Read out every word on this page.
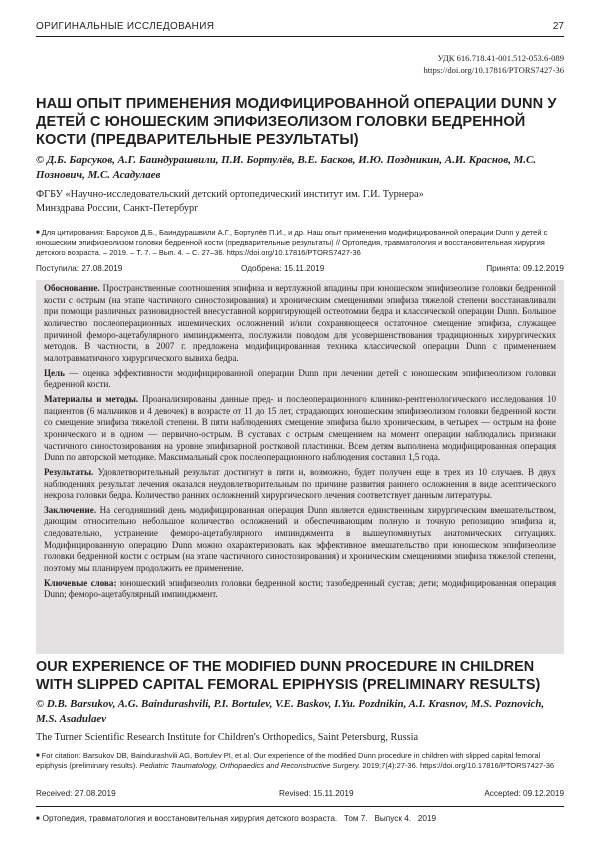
ОРИГИНАЛЬНЫЕ ИССЛЕДОВАНИЯ	27
УДК 616.718.41-001.512-053.6-089
https://doi.org/10.17816/PTORS7427-36
НАШ ОПЫТ ПРИМЕНЕНИЯ МОДИФИЦИРОВАННОЙ ОПЕРАЦИИ DUNN У ДЕТЕЙ С ЮНОШЕСКИМ ЭПИФИЗЕОЛИЗОМ ГОЛОВКИ БЕДРЕННОЙ КОСТИ (ПРЕДВАРИТЕЛЬНЫЕ РЕЗУЛЬТАТЫ)
© Д.Б. Барсуков, А.Г. Баиндурашвили, П.И. Бортулёв, В.Е. Басков, И.Ю. Поздникин, А.И. Краснов, М.С. Познович, М.С. Асадулаев
ФГБУ «Научно-исследовательский детский ортопедический институт им. Г.И. Турнера»
Минздрава России, Санкт-Петербург
■ Для цитирования: Барсуков Д.Б., Баиндурашвили А.Г., Бортулёв П.И., и др. Наш опыт применения модифицированной операции Dunn у детей с юношеским эпифизеолизом головки бедренной кости (предварительные результаты) // Ортопедия, травматология и восстановительная хирургия детского возраста. – 2019. – Т. 7. – Вып. 4. – С. 27–36. https://doi.org/10.17816/PTORS7427-36
Поступила: 27.08.2019	Одобрена: 15.11.2019	Принята: 09.12.2019

Обоснование. Пространственные соотношения эпифиза и вертлужной впадины при юношеском эпифизеолизе головки бедренной кости с острым (на этапе частичного синостозирования) и хроническим смещениями эпифиза тяжелой степени восстанавливали при помощи различных разновидностей внесуставной корригирующей остеотомии бедра и классической операции Dunn. Большое количество послеоперационных ишемических осложнений и/или сохраняющееся остаточное смещение эпифиза, служащее причиной феморо-ацетабулярного импинджмента, послужили поводом для усовершенствования традиционных хирургических методов. В частности, в 2007 г. предложена модифицированная техника классической операции Dunn с применением малотравматичного хирургического вывиха бедра.

Цель — оценка эффективности модифицированной операции Dunn при лечении детей с юношеским эпифизеолизом головки бедренной кости.

Материалы и методы. Проанализированы данные пред- и послеоперационного клинико-рентгенологического исследования 10 пациентов (6 мальчиков и 4 девочек) в возрасте от 11 до 15 лет, страдающих юношеским эпифизеолизом головки бедренной кости со смещение эпифиза тяжелой степени. В пяти наблюдениях смещение эпифиза было хроническим, в четырех — острым на фоне хронического и в одном — первично-острым. В суставах с острым смещением на момент операции наблюдались признаки частичного синостозирования на уровне эпифизарной ростковой пластинки. Всем детям выполнена модифицированная операция Dunn по авторской методике. Максимальный срок послеоперационного наблюдения составил 1,5 года.

Результаты. Удовлетворительный результат достигнут в пяти и, возможно, будет получен еще в трех из 10 случаев. В двух наблюдениях результат лечения оказался неудовлетворительным по причине развития раннего осложнения в виде асептического некроза головки бедра. Количество ранних осложнений хирургического лечения соответствует данным литературы.

Заключение. На сегодняшний день модифицированная операция Dunn является единственным хирургическим вмешательством, дающим относительно небольшое количество осложнений и обеспечивающим полную и точную репозицию эпифиза и, следовательно, устранение феморо-ацетабулярного импинджмента в вышеупомянутых анатомических ситуациях. Модифицированную операцию Dunn можно охарактеризовать как эффективное вмешательство при юношеском эпифизеолизе головки бедренной кости с острым (на этапе частичного синостозирования) и хроническим смещениями эпифиза тяжелой степени, поэтому мы планируем продолжить ее применение.

Ключевые слова: юношеский эпифизеолиз головки бедренной кости; тазобедренный сустав; дети; модифицированная операция Dunn; феморо-ацетабулярный импинджмент.

OUR EXPERIENCE OF THE MODIFIED DUNN PROCEDURE IN CHILDREN WITH SLIPPED CAPITAL FEMORAL EPIPHYSIS (PRELIMINARY RESULTS)
© D.B. Barsukov, A.G. Baindurashvili, P.I. Bortulev, V.E. Baskov, I.Yu. Pozdnikin, A.I. Krasnov, M.S. Poznovich, M.S. Asadulaev
The Turner Scientific Research Institute for Children's Orthopedics, Saint Petersburg, Russia
■ For citation: Barsukov DB, Baindurashvili AG, Bortulev PI, et al. Our experience of the modified Dunn procedure in children with slipped capital femoral epiphysis (preliminary results). Pediatric Traumatology, Orthopaedics and Reconstructive Surgery. 2019;7(4):27-36. https://doi.org/10.17816/PTORS7427-36
Received: 27.08.2019	Revised: 15.11.2019	Accepted: 09.12.2019
■ Ортопедия, травматология и восстановительная хирургия детского возраста.   Том 7.   Выпуск 4.   2019
